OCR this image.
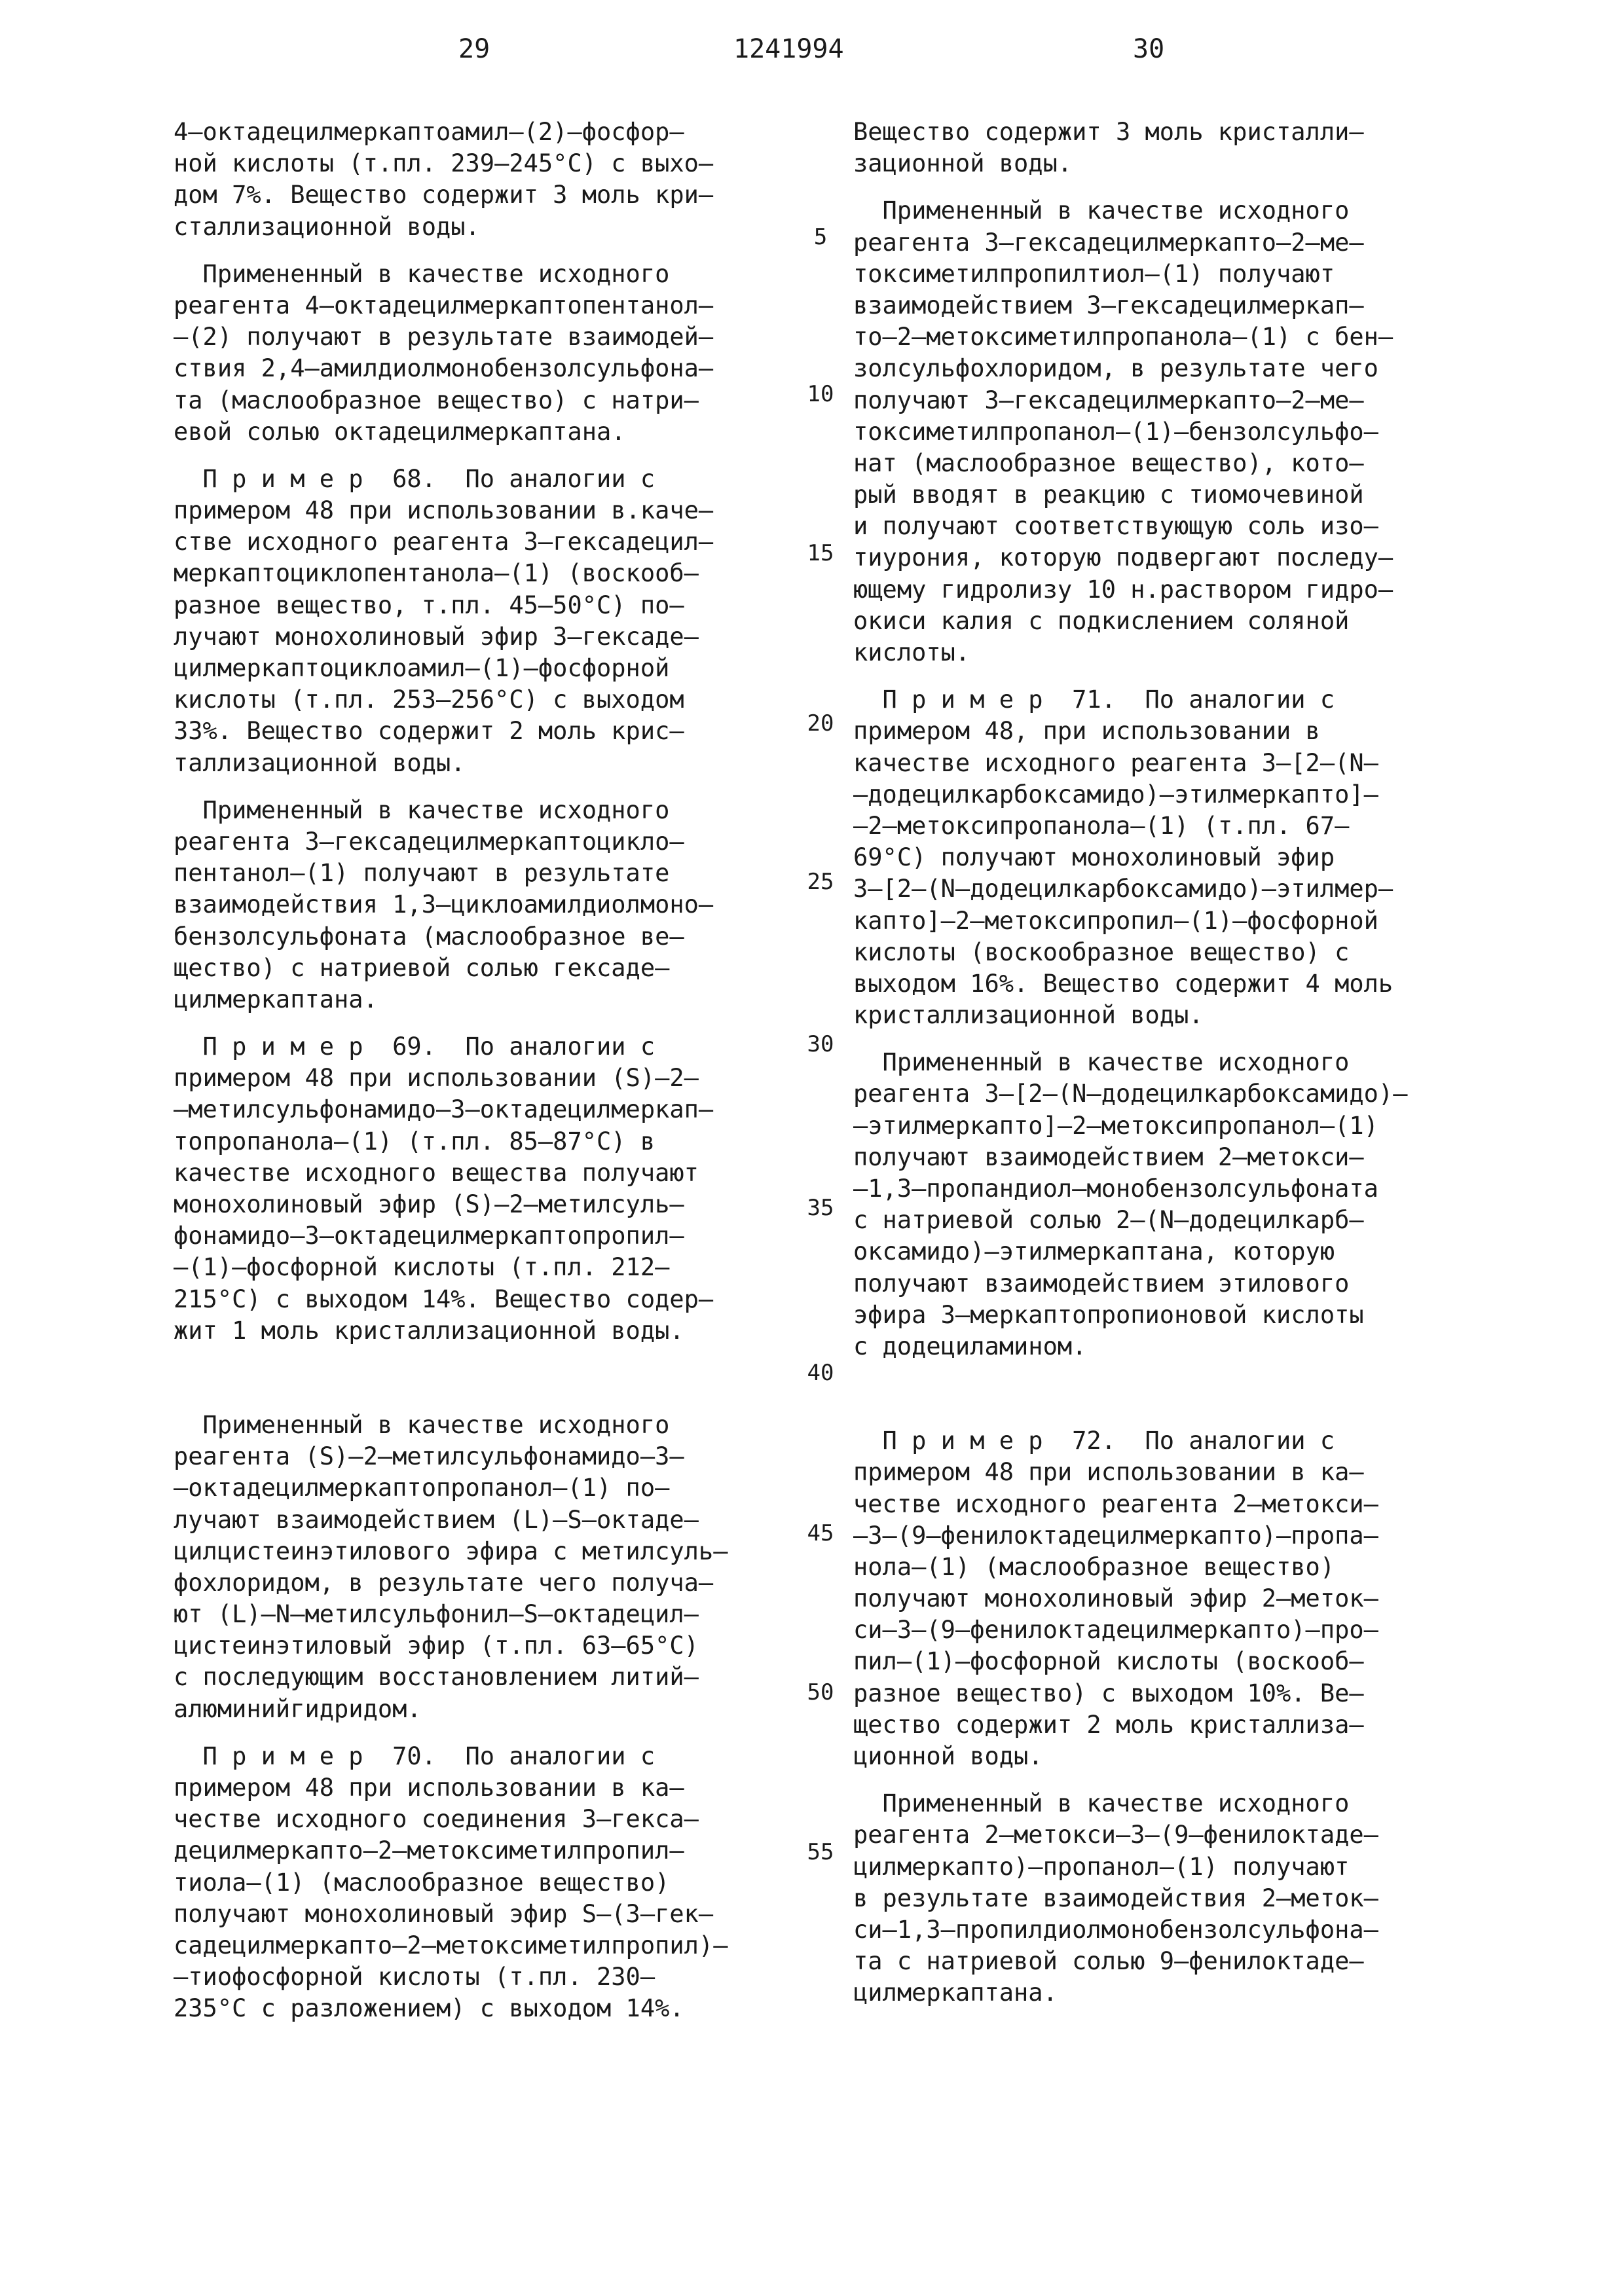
29	1241994	30
4–октадецилмеркаптоамил–(2)–фосфор–
ной кислоты (т.пл. 239–245°С) с выхо–
дом 7%. Вещество содержит 3 моль кри–
сталлизационной воды.
Примененный в качестве исходного
реагента 4–октадецилмеркаптопентанол–
–(2) получают в результате взаимодей–
ствия 2,4–амилдиолмонобензолсульфона–
та (маслообразное вещество) с натри–
евой солью октадецилмеркаптана.
П р и м е р  68.  По аналогии с
примером 48 при использовании в.каче–
стве исходного реагента 3–гексадецил–
меркаптоциклопентанола–(1) (воскооб–
разное вещество, т.пл. 45–50°С) по–
лучают монохолиновый эфир 3–гексаде–
цилмеркаптоциклоамил–(1)–фосфорной
кислоты (т.пл. 253–256°С) с выходом
33%. Вещество содержит 2 моль крис–
таллизационной воды.
Примененный в качестве исходного
реагента 3–гексадецилмеркаптоцикло–
пентанол–(1) получают в результате
взаимодействия 1,3–циклоамилдиолмоно–
бензолсульфоната (маслообразное ве–
щество) с натриевой солью гексаде–
цилмеркаптана.
П р и м е р  69.  По аналогии с
примером 48 при использовании (S)–2–
–метилсульфонамидо–3–октадецилмеркап–
топропанола–(1) (т.пл. 85–87°С) в
качестве исходного вещества получают
монохолиновый эфир (S)–2–метилсуль–
фонамидо–3–октадецилмеркаптопропил–
–(1)–фосфорной кислоты (т.пл. 212–
215°С) с выходом 14%. Вещество содер–
жит 1 моль кристаллизационной воды.
Примененный в качестве исходного
реагента (S)–2–метилсульфонамидо–3–
–октадецилмеркаптопропанол–(1) по–
лучают взаимодействием (L)–S–октаде–
цилцистеинэтилового эфира с метилсуль–
фохлоридом, в результате чего получа–
ют (L)–N–метилсульфонил–S–октадецил–
цистеинэтиловый эфир (т.пл. 63–65°С)
с последующим восстановлением литий–
алюминийгидридом.
П р и м е р  70.  По аналогии с
примером 48 при использовании в ка–
честве исходного соединения 3–гекса–
децилмеркапто–2–метоксиметилпропил–
тиола–(1) (маслообразное вещество)
получают монохолиновый эфир S–(3–гек–
садецилмеркапто–2–метоксиметилпропил)–
–тиофосфорной кислоты (т.пл. 230–
235°С с разложением) с выходом 14%.
5
10
15
20
25
30
35
40
45
50
55
Вещество содержит 3 моль кристалли–
зационной воды.
Примененный в качестве исходного
реагента 3–гексадецилмеркапто–2–ме–
токсиметилпропилтиол–(1) получают
взаимодействием 3–гексадецилмеркап–
то–2–метоксиметилпропанола–(1) с бен–
золсульфохлоридом, в результате чего
получают 3–гексадецилмеркапто–2–ме–
токсиметилпропанол–(1)–бензолсульфо–
нат (маслообразное вещество), кото–
рый вводят в реакцию с тиомочевиной
и получают соответствующую соль изо–
тиурония, которую подвергают последу–
ющему гидролизу 10 н.раствором гидро–
окиси калия с подкислением соляной
кислоты.
П р и м е р  71.  По аналогии с
примером 48, при использовании в
качестве исходного реагента 3–[2–(N–
–додецилкарбоксамидо)–этилмеркапто]–
–2–метоксипропанола–(1) (т.пл. 67–
69°С) получают монохолиновый эфир
3–[2–(N–додецилкарбоксамидо)–этилмер–
капто]–2–метоксипропил–(1)–фосфорной
кислоты (воскообразное вещество) с
выходом 16%. Вещество содержит 4 моль
кристаллизационной воды.
Примененный в качестве исходного
реагента 3–[2–(N–додецилкарбоксамидо)–
–этилмеркапто]–2–метоксипропанол–(1)
получают взаимодействием 2–метокси–
–1,3–пропандиол–монобензолсульфоната
с натриевой солью 2–(N–додецилкарб–
оксамидо)–этилмеркаптана, которую
получают взаимодействием этилового
эфира 3–меркаптопропионовой кислоты
с додециламином.
П р и м е р  72.  По аналогии с
примером 48 при использовании в ка–
честве исходного реагента 2–метокси–
–3–(9–фенилоктадецилмеркапто)–пропа–
нола–(1) (маслообразное вещество)
получают монохолиновый эфир 2–меток–
си–3–(9–фенилоктадецилмеркапто)–про–
пил–(1)–фосфорной кислоты (воскооб–
разное вещество) с выходом 10%. Ве–
щество содержит 2 моль кристаллиза–
ционной воды.
Примененный в качестве исходного
реагента 2–метокси–3–(9–фенилоктаде–
цилмеркапто)–пропанол–(1) получают
в результате взаимодействия 2–меток–
си–1,3–пропилдиолмонобензолсульфона–
та с натриевой солью 9–фенилоктаде–
цилмеркаптана.
